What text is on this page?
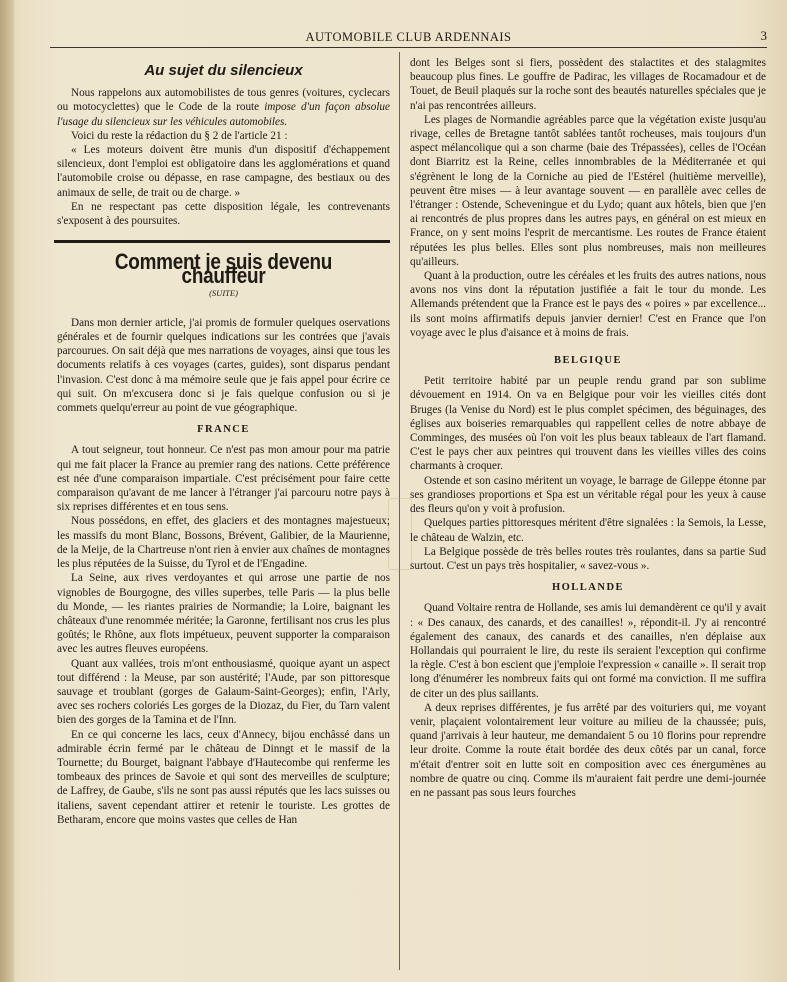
AUTOMOBILE CLUB ARDENNAIS	3

Au sujet du silencieux

Nous rappelons aux automobilistes de tous genres (voitures, cyclecars ou motocyclettes) que le Code de la route impose d'un façon absolue l'usage du silencieux sur les véhicules automobiles.

Voici du reste la rédaction du § 2 de l'article 21 :

« Les moteurs doivent être munis d'un dispositif d'échappement silencieux, dont l'emploi est obligatoire dans les agglomérations et quand l'automobile croise ou dépasse, en rase campagne, des bestiaux ou des animaux de selle, de trait ou de charge. »

En ne respectant pas cette disposition légale, les contrevenants s'exposent à des poursuites.

Comment je suis devenu chauffeur

(SUITE)

Dans mon dernier article, j'ai promis de formuler quelques oservations générales et de fournir quelques indications sur les contrées que j'avais parcourues. On sait déjà que mes narrations de voyages, ainsi que tous les documents relatifs à ces voyages (cartes, guides), sont disparus pendant l'invasion. C'est donc à ma mémoire seule que je fais appel pour écrire ce qui suit. On m'excusera donc si je fais quelque confusion ou si je commets quelqu'erreur au point de vue géographique.

FRANCE

A tout seigneur, tout honneur. Ce n'est pas mon amour pour ma patrie qui me fait placer la France au premier rang des nations. Cette préférence est née d'une comparaison impartiale. C'est précisément pour faire cette comparaison qu'avant de me lancer à l'étranger j'ai parcouru notre pays à six reprises différentes et en tous sens.

Nous possédons, en effet, des glaciers et des montagnes majestueux; les massifs du mont Blanc, Bossons, Brévent, Galibier, de la Maurienne, de la Meije, de la Chartreuse n'ont rien à envier aux chaînes de montagnes les plus réputées de la Suisse, du Tyrol et de l'Engadine.

La Seine, aux rives verdoyantes et qui arrose une partie de nos vignobles de Bourgogne, des villes superbes, telle Paris — la plus belle du Monde, — les riantes prairies de Normandie; la Loire, baignant les châteaux d'une renommée méritée; la Garonne, fertilisant nos crus les plus goûtés; le Rhône, aux flots impétueux, peuvent supporter la comparaison avec les autres fleuves européens.

Quant aux vallées, trois m'ont enthousiasmé, quoique ayant un aspect tout différend : la Meuse, par son austérité; l'Aude, par son pittoresque sauvage et troublant (gorges de Galaum-Saint-Georges); enfin, l'Arly, avec ses rochers coloriés Les gorges de la Diozaz, du Fier, du Tarn valent bien des gorges de la Tamina et de l'Inn.

En ce qui concerne les lacs, ceux d'Annecy, bijou enchâssé dans un admirable écrin fermé par le château de Dinngt et le massif de la Tournette; du Bourget, baignant l'abbaye d'Hautecombe qui renferme les tombeaux des princes de Savoie et qui sont des merveilles de sculpture; de Laffrey, de Gaube, s'ils ne sont pas aussi réputés que les lacs suisses ou italiens, savent cependant attirer et retenir le touriste. Les grottes de Betharam, encore que moins vastes que celles de Han

dont les Belges sont si fiers, possèdent des stalactites et des stalagmites beaucoup plus fines. Le gouffre de Padirac, les villages de Rocamadour et de Touet, de Beuil plaqués sur la roche sont des beautés naturelles spéciales que je n'ai pas rencontrées ailleurs.

Les plages de Normandie agréables parce que la végétation existe jusqu'au rivage, celles de Bretagne tantôt sablées tantôt rocheuses, mais toujours d'un aspect mélancolique qui a son charme (baie des Trépassées), celles de l'Océan dont Biarritz est la Reine, celles innombrables de la Méditerranée et qui s'égrènent le long de la Corniche au pied de l'Estérel (huitième merveille), peuvent être mises — à leur avantage souvent — en parallèle avec celles de l'étranger : Ostende, Scheveningue et du Lydo; quant aux hôtels, bien que j'en ai rencontrés de plus propres dans les autres pays, en général on est mieux en France, on y sent moins l'esprit de mercantisme. Les routes de France étaient réputées les plus belles. Elles sont plus nombreuses, mais non meilleures qu'ailleurs.

Quant à la production, outre les céréales et les fruits des autres nations, nous avons nos vins dont la réputation justifiée a fait le tour du monde. Les Allemands prétendent que la France est le pays des « poires » par excellence... ils sont moins affirmatifs depuis janvier dernier! C'est en France que l'on voyage avec le plus d'aisance et à moins de frais.

BELGIQUE

Petit territoire habité par un peuple rendu grand par son sublime dévouement en 1914. On va en Belgique pour voir les vieilles cités dont Bruges (la Venise du Nord) est le plus complet spécimen, des béguinages, des églises aux boiseries remarquables qui rappellent celles de notre abbaye de Comminges, des musées où l'on voit les plus beaux tableaux de l'art flamand. C'est le pays cher aux peintres qui trouvent dans les vieilles villes des coins charmants à croquer.

Ostende et son casino méritent un voyage, le barrage de Gileppe étonne par ses grandioses proportions et Spa est un véritable régal pour les yeux à cause des fleurs qu'on y voit à profusion.

Quelques parties pittoresques méritent d'être signalées : la Semois, la Lesse, le château de Walzin, etc.

La Belgique possède de très belles routes très roulantes, dans sa partie Sud surtout. C'est un pays très hospitalier, « savez-vous ».

HOLLANDE

Quand Voltaire rentra de Hollande, ses amis lui demandèrent ce qu'il y avait : « Des canaux, des canards, et des canailles! », répondit-il. J'y ai rencontré également des canaux, des canards et des canailles, n'en déplaise aux Hollandais qui pourraient le lire, du reste ils seraient l'exception qui confirme la règle. C'est à bon escient que j'emploie l'expression « canaille ». Il serait trop long d'énumérer les nombreux faits qui ont formé ma conviction. Il me suffira de citer un des plus saillants.

A deux reprises différentes, je fus arrêté par des voituriers qui, me voyant venir, plaçaient volontairement leur voiture au milieu de la chaussée; puis, quand j'arrivais à leur hauteur, me demandaient 5 ou 10 florins pour reprendre leur droite. Comme la route était bordée des deux côtés par un canal, force m'était d'entrer soit en lutte soit en composition avec ces énergumènes au nombre de quatre ou cinq. Comme ils m'auraient fait perdre une demi-journée en ne passant pas sous leurs fourches
